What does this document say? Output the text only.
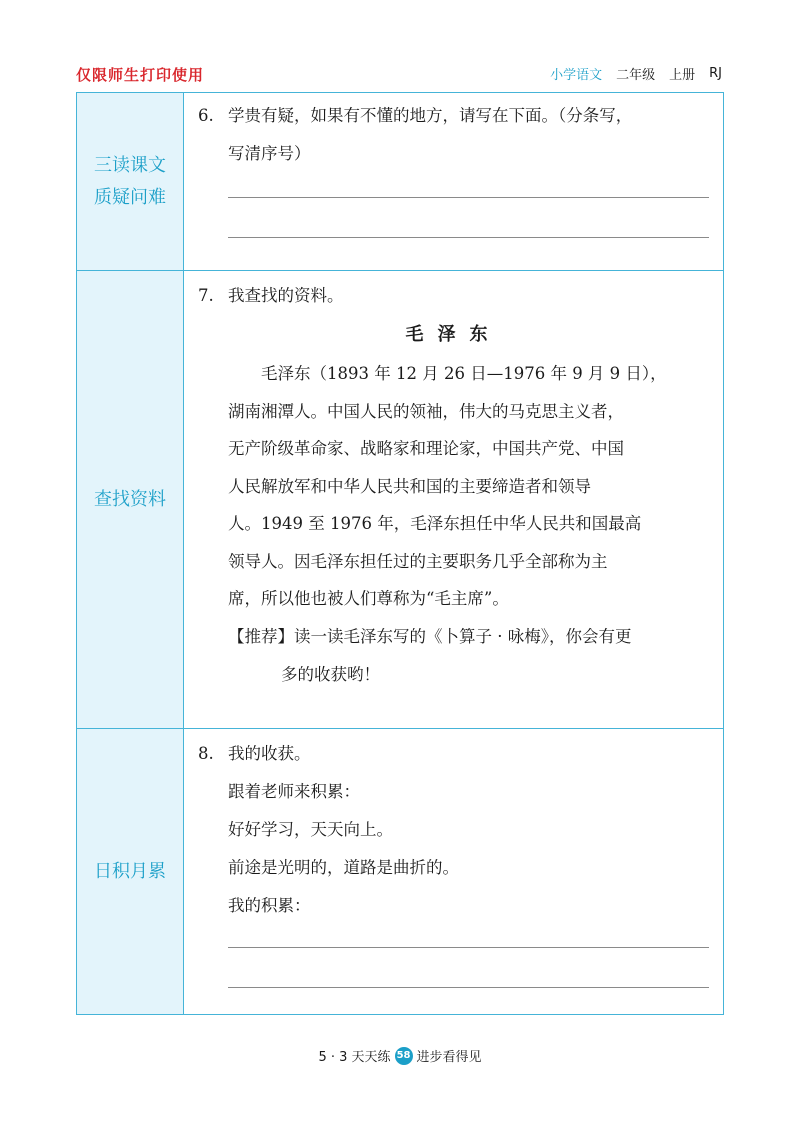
仅限师生打印使用	小学语文 二年级 上册 RJ
三读课文
质疑问难
6. 学贵有疑，如果有不懂的地方，请写在下面。（分条写，
写清序号）
查找资料
7. 我查找的资料。
毛泽东
毛泽东（1893 年 12 月 26 日—1976 年 9 月 9 日），
湖南湘潭人。中国人民的领袖，伟大的马克思主义者，
无产阶级革命家、战略家和理论家，中国共产党、中国
人民解放军和中华人民共和国的主要缔造者和领导
人。1949 至 1976 年，毛泽东担任中华人民共和国最高
领导人。因毛泽东担任过的主要职务几乎全部称为主
席，所以他也被人们尊称为“毛主席”。
【推荐】读一读毛泽东写的《卜算子 · 咏梅》，你会有更
多的收获哟！
日积月累
8. 我的收获。
跟着老师来积累：
好好学习，天天向上。
前途是光明的，道路是曲折的。
我的积累：
5 · 3 天天练 58 进步看得见
